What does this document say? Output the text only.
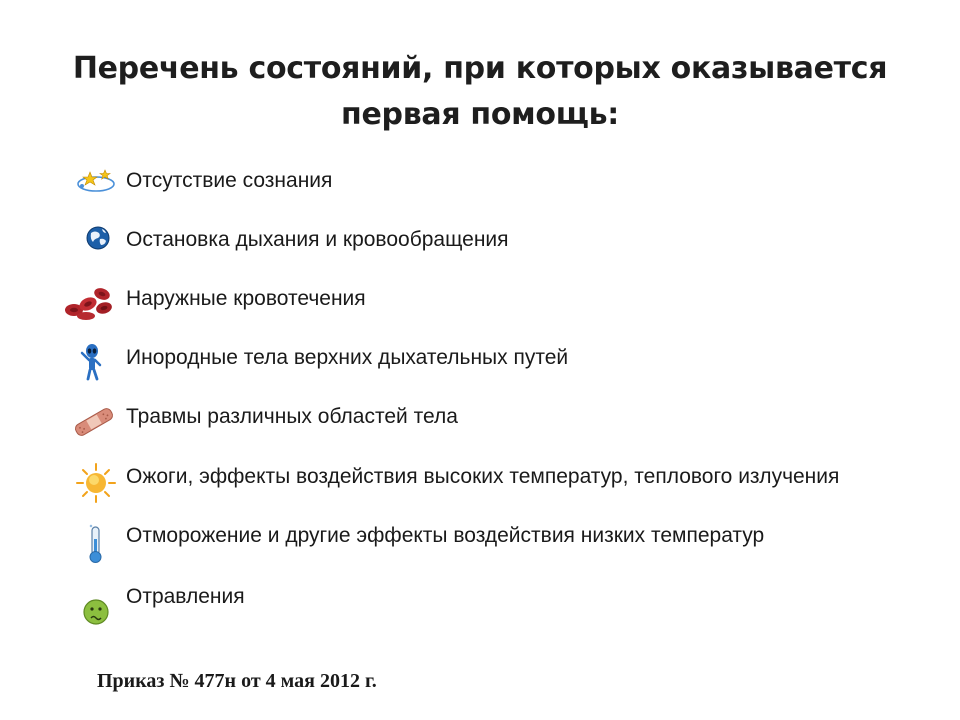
Перечень состояний, при которых оказывается
первая помощь:
Отсутствие сознания
Остановка дыхания и кровообращения
Наружные кровотечения
Инородные тела верхних дыхательных путей
Травмы различных областей тела
Ожоги, эффекты воздействия высоких температур, теплового излучения
Отморожение и другие эффекты воздействия низких температур
Отравления
Приказ № 477н от 4 мая 2012 г.
